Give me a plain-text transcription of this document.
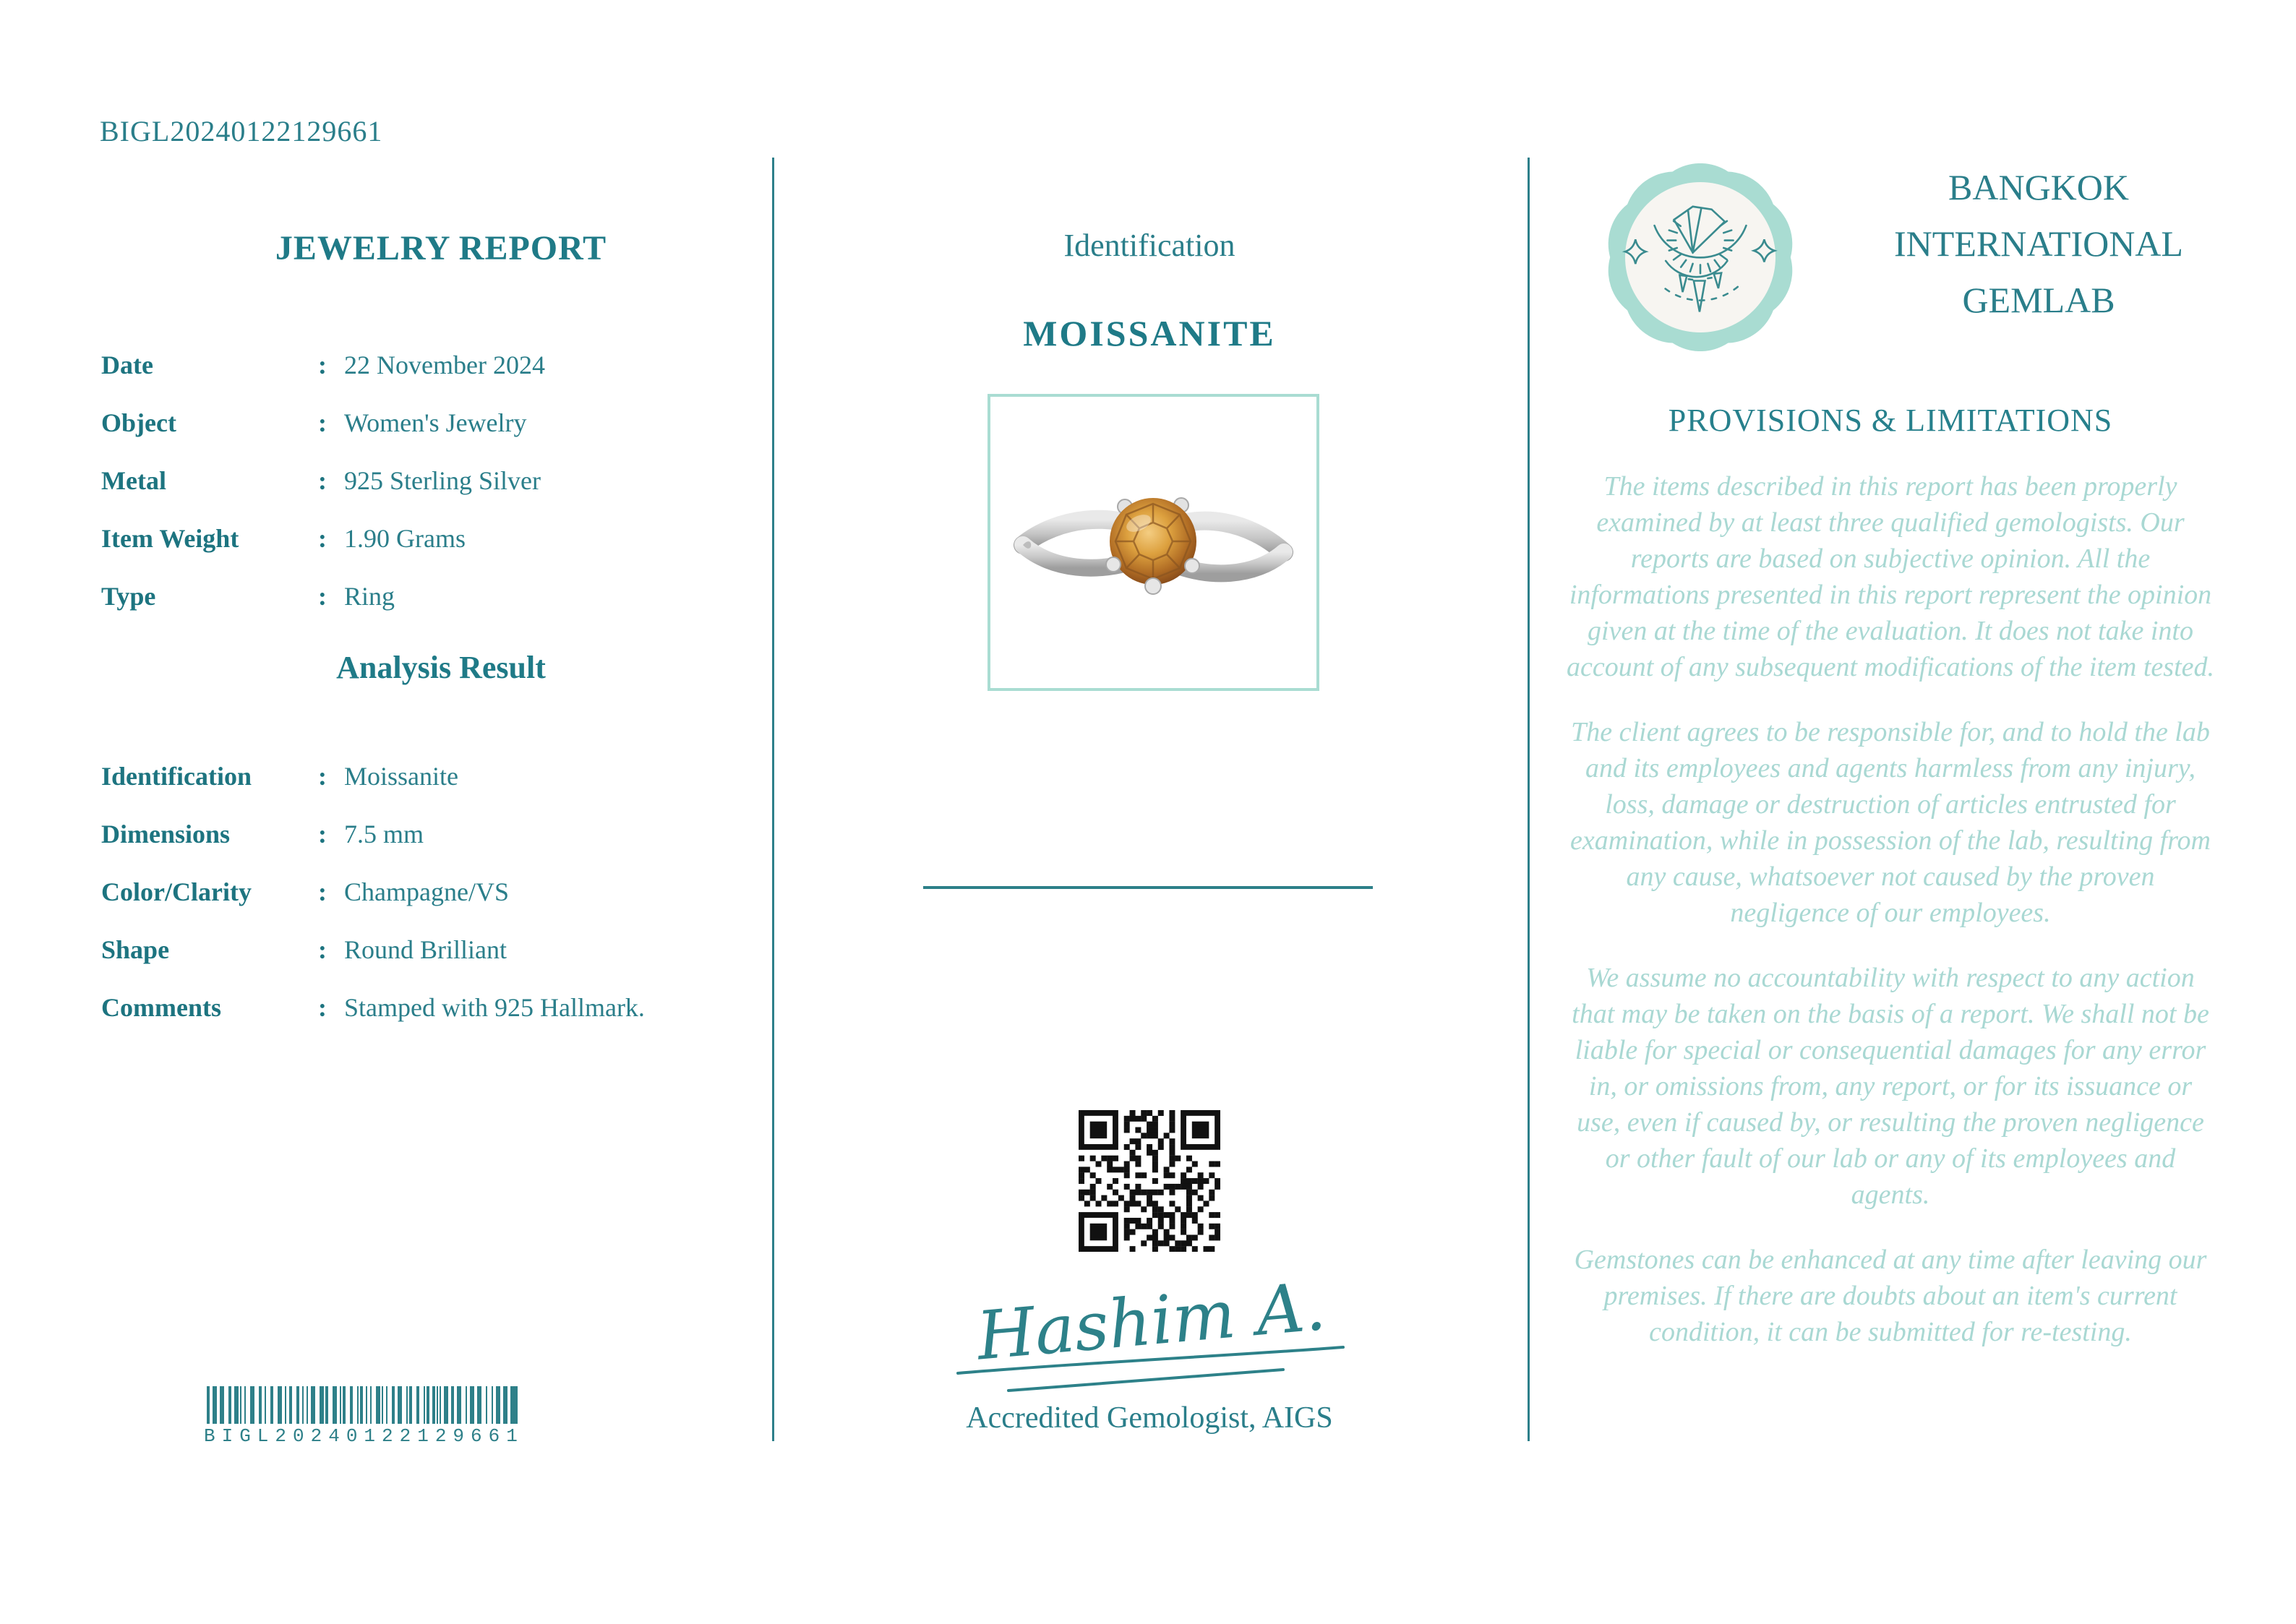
BIGL20240122129661
JEWELRY REPORT
Date	: 22 November 2024
Object	: Women's Jewelry
Metal	: 925 Sterling Silver
Item Weight	: 1.90 Grams
Type	: Ring
Analysis Result
Identification	: Moissanite
Dimensions	: 7.5 mm
Color/Clarity	: Champagne/VS
Shape	: Round Brilliant
Comments	: Stamped with 925 Hallmark.
BIGL20240122129661
Identification
MOISSANITE
Hashim A.
Accredited Gemologist, AIGS
BANGKOK
INTERNATIONAL
GEMLAB
PROVISIONS & LIMITATIONS

The items described in this report has been properly examined by at least three qualified gemologists. Our reports are based on subjective opinion. All the informations presented in this report represent the opinion given at the time of the evaluation. It does not take into account of any subsequent modifications of the item tested.

The client agrees to be responsible for, and to hold the lab and its employees and agents harmless from any injury, loss, damage or destruction of articles entrusted for examination, while in possession of the lab, resulting from any cause, whatsoever not caused by the proven negligence of our employees.

We assume no accountability with respect to any action that may be taken on the basis of a report. We shall not be liable for special or consequential damages for any error in, or omissions from, any report, or for its issuance or use, even if caused by, or resulting the proven negligence or other fault of our lab or any of its employees and agents.

Gemstones can be enhanced at any time after leaving our premises. If there are doubts about an item's current condition, it can be submitted for re-testing.
